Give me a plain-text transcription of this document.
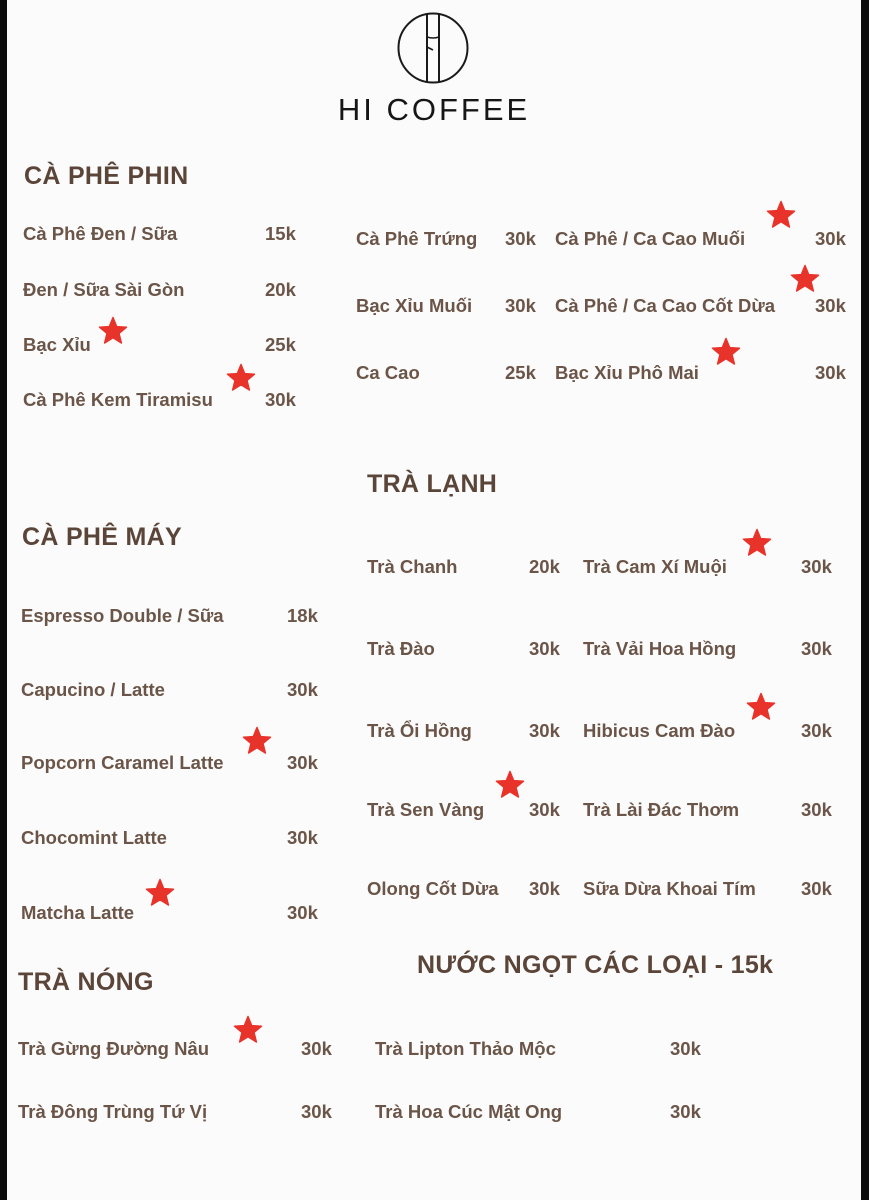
HI COFFEE
CÀ PHÊ PHIN
Cà Phê Đen / Sữa	15k
Đen / Sữa Sài Gòn	20k
Bạc Xỉu	25k
Cà Phê Kem Tiramisu	30k
Cà Phê Trứng 30k
Bạc Xỉu Muối 30k
Ca Cao	25k
Cà Phê / Ca Cao Muối	30k
Cà Phê / Ca Cao Cốt Dừa 30k
Bạc Xỉu Phô Mai	30k
CÀ PHÊ MÁY
Espresso Double / Sữa	18k
Capucino / Latte	30k
Popcorn Caramel Latte	30k
Chocomint Latte	30k
Matcha Latte	30k
TRÀ LẠNH
Trà Chanh	20k
Trà Đào	30k
Trà Ổi Hồng	30k
Trà Sen Vàng 30k
Olong Cốt Dừa 30k
Trà Cam Xí Muội	30k
Trà Vải Hoa Hồng	30k
Hibicus Cam Đào	30k
Trà Lài Đác Thơm	30k
Sữa Dừa Khoai Tím 30k
NƯỚC NGỌT CÁC LOẠI - 15k
TRÀ NÓNG
Trà Gừng Đường Nâu	30k
Trà Đông Trùng Tứ Vị	30k
Trà Lipton Thảo Mộc	30k
Trà Hoa Cúc Mật Ong	30k
